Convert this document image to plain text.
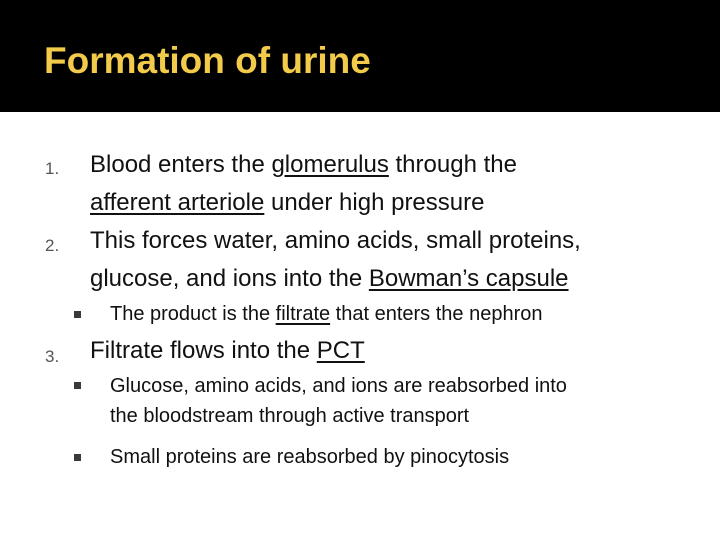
Formation of urine
1. Blood enters the glomerulus through the
afferent arteriole under high pressure
2. This forces water, amino acids, small proteins,
glucose, and ions into the Bowman’s capsule
The product is the filtrate that enters the nephron
3. Filtrate flows into the PCT
Glucose, amino acids, and ions are reabsorbed into
the bloodstream through active transport
Small proteins are reabsorbed by pinocytosis
